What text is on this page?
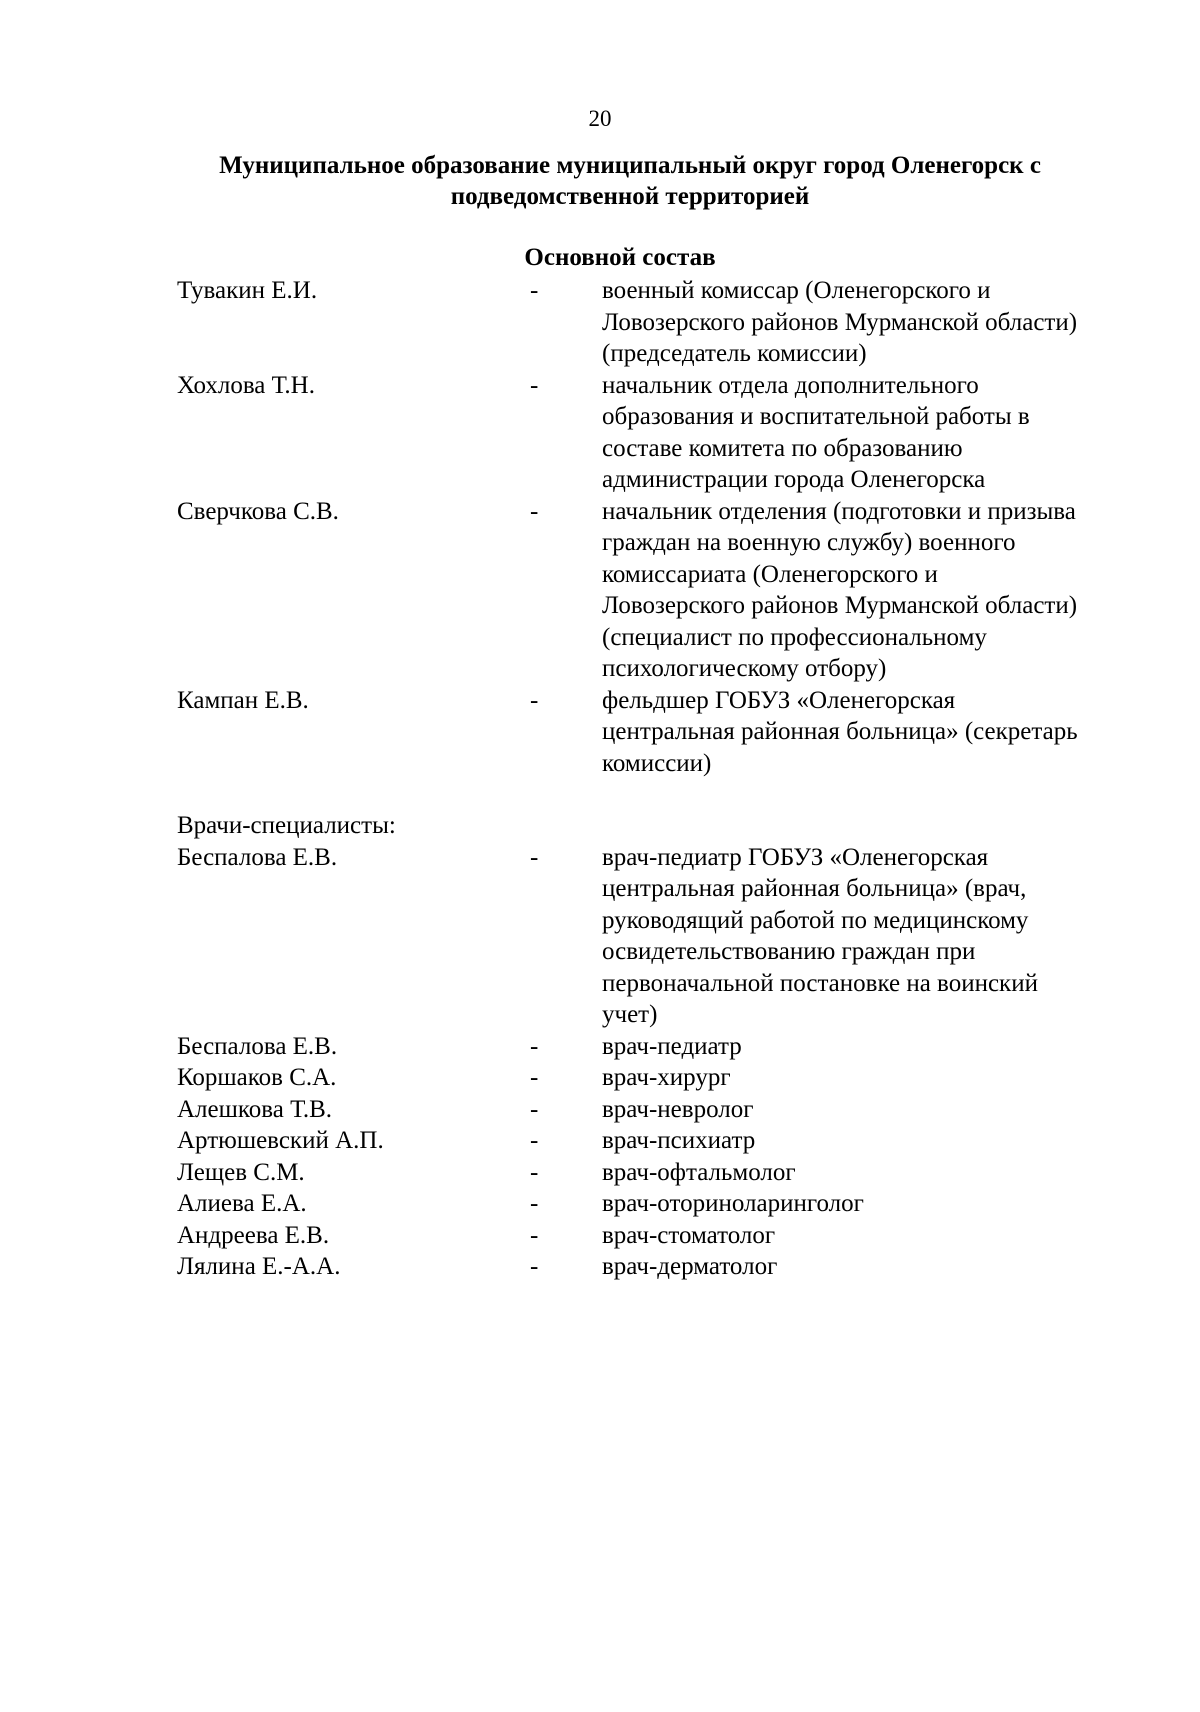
20
Муниципальное образование муниципальный округ город Оленегорск с подведомственной территорией
Основной состав
Тувакин Е.И.	-	военный комиссар (Оленегорского и Ловозерского районов Мурманской области) (председатель комиссии)
Хохлова Т.Н.	-	начальник отдела дополнительного образования и воспитательной работы в составе комитета по образованию администрации города Оленегорска
Сверчкова С.В.	-	начальник отделения (подготовки и призыва граждан на военную службу) военного комиссариата (Оленегорского и Ловозерского районов Мурманской области) (специалист по профессиональному психологическому отбору)
Кампан Е.В.	-	фельдшер ГОБУЗ «Оленегорская центральная районная больница» (секретарь комиссии)
Врачи-специалисты:
Беспалова Е.В.	-	врач-педиатр ГОБУЗ «Оленегорская центральная районная больница» (врач, руководящий работой по медицинскому освидетельствованию граждан при первоначальной постановке на воинский учет)
Беспалова Е.В.	-	врач-педиатр
Коршаков С.А.	-	врач-хирург
Алешкова Т.В.	-	врач-невролог
Артюшевский А.П.	-	врач-психиатр
Лещев С.М.	-	врач-офтальмолог
Алиева Е.А.	-	врач-оториноларинголог
Андреева Е.В.	-	врач-стоматолог
Лялина Е.-А.А.	-	врач-дерматолог
